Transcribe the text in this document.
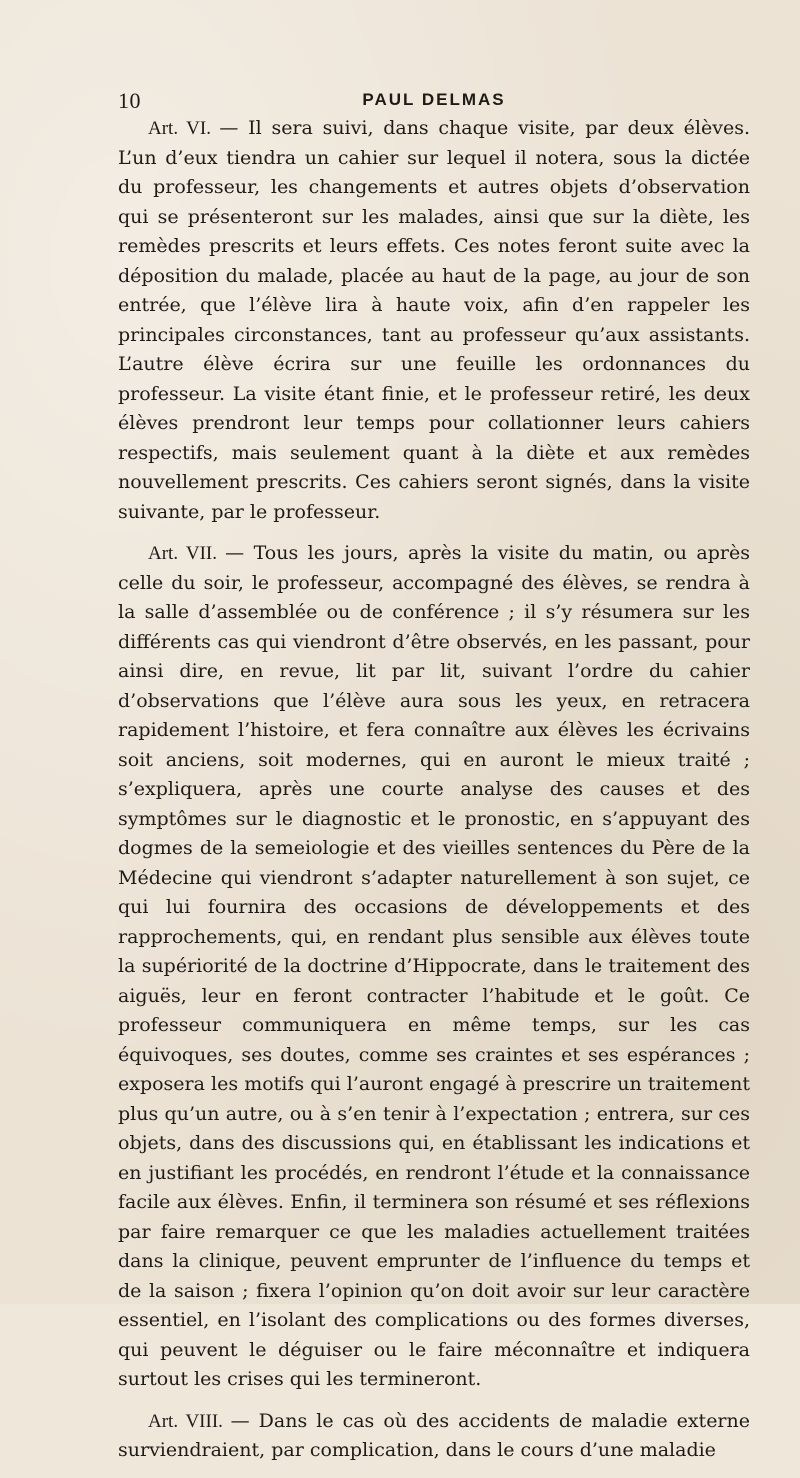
10	PAUL DELMAS

Art. VI. — Il sera suivi, dans chaque visite, par deux élèves. L’un d’eux tiendra un cahier sur lequel il notera, sous la dictée du professeur, les changements et autres objets d’observation qui se présenteront sur les malades, ainsi que sur la diète, les remèdes prescrits et leurs effets. Ces notes feront suite avec la déposition du malade, placée au haut de la page, au jour de son entrée, que l’élève lira à haute voix, afin d’en rappeler les principales circonstances, tant au professeur qu’aux assistants. L’autre élève écrira sur une feuille les ordonnances du professeur. La visite étant finie, et le professeur retiré, les deux élèves prendront leur temps pour collationner leurs cahiers respectifs, mais seulement quant à la diète et aux remèdes nouvellement prescrits. Ces cahiers seront signés, dans la visite suivante, par le professeur.

Art. VII. — Tous les jours, après la visite du matin, ou après celle du soir, le professeur, accompagné des élèves, se rendra à la salle d’assemblée ou de conférence ; il s’y résumera sur les différents cas qui viendront d’être observés, en les passant, pour ainsi dire, en revue, lit par lit, suivant l’ordre du cahier d’observations que l’élève aura sous les yeux, en retracera rapidement l’histoire, et fera connaître aux élèves les écrivains soit anciens, soit modernes, qui en auront le mieux traité ; s’expliquera, après une courte analyse des causes et des symptômes sur le diagnostic et le pronostic, en s’appuyant des dogmes de la semeiologie et des vieilles sentences du Père de la Médecine qui viendront s’adapter naturellement à son sujet, ce qui lui fournira des occasions de développements et des rapprochements, qui, en rendant plus sensible aux élèves toute la supériorité de la doctrine d’Hippocrate, dans le traitement des aiguës, leur en feront contracter l’habitude et le goût. Ce professeur communiquera en même temps, sur les cas équivoques, ses doutes, comme ses craintes et ses espérances ; exposera les motifs qui l’auront engagé à prescrire un traitement plus qu’un autre, ou à s’en tenir à l’expectation ; entrera, sur ces objets, dans des discussions qui, en établissant les indications et en justifiant les procédés, en rendront l’étude et la connaissance facile aux élèves. Enfin, il terminera son résumé et ses réflexions par faire remarquer ce que les maladies actuellement traitées dans la clinique, peuvent emprunter de l’influence du temps et de la saison ; fixera l’opinion qu’on doit avoir sur leur caractère essentiel, en l’isolant des complications ou des formes diverses, qui peuvent le déguiser ou le faire méconnaître et indiquera surtout les crises qui les termineront.

Art. VIII. — Dans le cas où des accidents de maladie externe surviendraient, par complication, dans le cours d’une maladie
